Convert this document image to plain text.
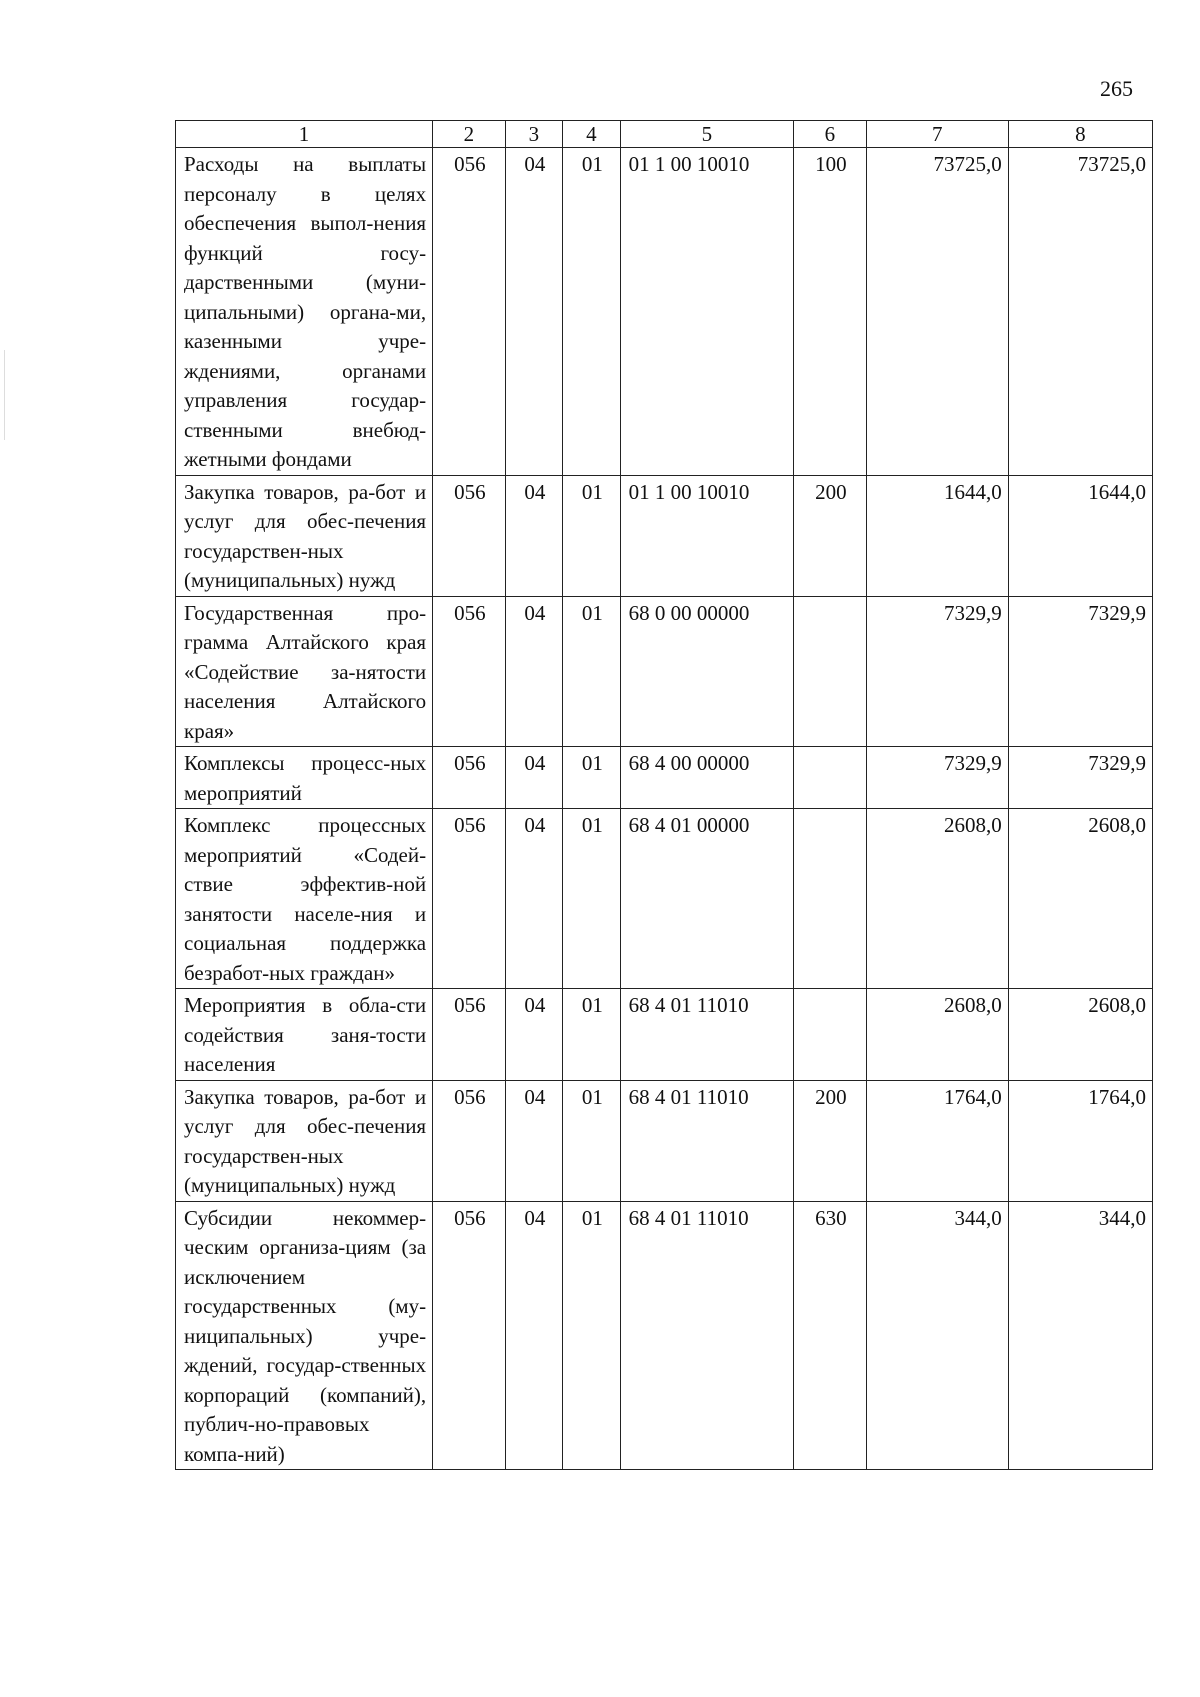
265
1	2	3	4	5	6	7	8
Расходы на выплаты персоналу в целях обеспечения выпол-нения функций госу-дарственными (муни-ципальными) органа-ми, казенными учре-ждениями, органами управления государ-ственными внебюд-жетными фондами	056	04	01	01 1 00 10010	100	73725,0	73725,0
Закупка товаров, ра-бот и услуг для обес-печения государствен-ных (муниципальных) нужд	056	04	01	01 1 00 10010	200	1644,0	1644,0
Государственная про-грамма Алтайского края «Содействие за-нятости населения Алтайского края»	056	04	01	68 0 00 00000		7329,9	7329,9
Комплексы процесс-ных мероприятий	056	04	01	68 4 00 00000		7329,9	7329,9
Комплекс процессных мероприятий «Содей-ствие эффектив-ной занятости населе-ния и социальная поддержка безработ-ных граждан»	056	04	01	68 4 01 00000		2608,0	2608,0
Мероприятия в обла-сти содействия заня-тости населения	056	04	01	68 4 01 11010		2608,0	2608,0
Закупка товаров, ра-бот и услуг для обес-печения государствен-ных (муниципальных) нужд	056	04	01	68 4 01 11010	200	1764,0	1764,0
Субсидии некоммер-ческим организа-циям (за исключением государственных (му-ниципальных) учре-ждений, государ-ственных корпораций (компаний), публич-но-правовых компа-ний)	056	04	01	68 4 01 11010	630	344,0	344,0
